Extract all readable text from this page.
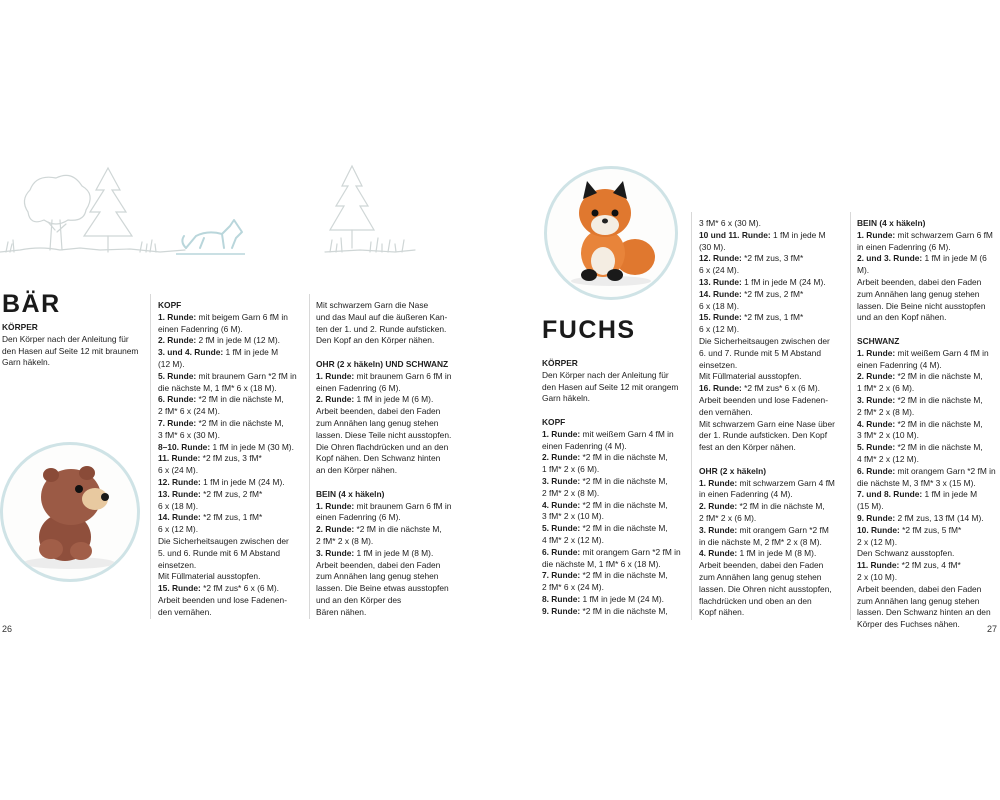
BÄR
KÖRPER
Den Körper nach der Anleitung für
den Hasen auf Seite 12 mit braunem
Garn häkeln.
KOPF
1. Runde: mit beigem Garn 6 fM in
einen Fadenring (6 M).
2. Runde: 2 fM in jede M (12 M).
3. und 4. Runde: 1 fM in jede M
(12 M).
5. Runde: mit braunem Garn *2 fM in
die nächste M, 1 fM* 6 x (18 M).
6. Runde: *2 fM in die nächste M,
2 fM* 6 x (24 M).
7. Runde: *2 fM in die nächste M,
3 fM* 6 x (30 M).
8–10. Runde: 1 fM in jede M (30 M).
11. Runde: *2 fM zus, 3 fM*
6 x (24 M).
12. Runde: 1 fM in jede M (24 M).
13. Runde: *2 fM zus, 2 fM*
6 x (18 M).
14. Runde: *2 fM zus, 1 fM*
6 x (12 M).
Die Sicherheitsaugen zwischen der
5. und 6. Runde mit 6 M Abstand
einsetzen.
Mit Füllmaterial ausstopfen.
15. Runde: *2 fM zus* 6 x (6 M).
Arbeit beenden und lose Fadenen-
den vernähen.
Mit schwarzem Garn die Nase
und das Maul auf die äußeren Kan-
ten der 1. und 2. Runde aufsticken.
Den Kopf an den Körper nähen.
OHR (2 x häkeln) UND SCHWANZ
1. Runde: mit braunem Garn 6 fM in
einen Fadenring (6 M).
2. Runde: 1 fM in jede M (6 M).
Arbeit beenden, dabei den Faden
zum Annähen lang genug stehen
lassen. Diese Teile nicht ausstopfen.
Die Ohren flachdrücken und an den
Kopf nähen. Den Schwanz hinten
an den Körper nähen.
BEIN (4 x häkeln)
1. Runde: mit braunem Garn 6 fM in
einen Fadenring (6 M).
2. Runde: *2 fM in die nächste M,
2 fM* 2 x (8 M).
3. Runde: 1 fM in jede M (8 M).
Arbeit beenden, dabei den Faden
zum Annähen lang genug stehen
lassen. Die Beine etwas ausstopfen
und an den Körper des
Bären nähen.
26
FUCHS
KÖRPER
Den Körper nach der Anleitung für
den Hasen auf Seite 12 mit orangem
Garn häkeln.
KOPF
1. Runde: mit weißem Garn 4 fM in
einen Fadenring (4 M).
2. Runde: *2 fM in die nächste M,
1 fM* 2 x (6 M).
3. Runde: *2 fM in die nächste M,
2 fM* 2 x (8 M).
4. Runde: *2 fM in die nächste M,
3 fM* 2 x (10 M).
5. Runde: *2 fM in die nächste M,
4 fM* 2 x (12 M).
6. Runde: mit orangem Garn *2 fM in
die nächste M, 1 fM* 6 x (18 M).
7. Runde: *2 fM in die nächste M,
2 fM* 6 x (24 M).
8. Runde: 1 fM in jede M (24 M).
9. Runde: *2 fM in die nächste M,
3 fM* 6 x (30 M).
10 und 11. Runde: 1 fM in jede M
(30 M).
12. Runde: *2 fM zus, 3 fM*
6 x (24 M).
13. Runde: 1 fM in jede M (24 M).
14. Runde: *2 fM zus, 2 fM*
6 x (18 M).
15. Runde: *2 fM zus, 1 fM*
6 x (12 M).
Die Sicherheitsaugen zwischen der
6. und 7. Runde mit 5 M Abstand
einsetzen.
Mit Füllmaterial ausstopfen.
16. Runde: *2 fM zus* 6 x (6 M).
Arbeit beenden und lose Fadenen-
den vernähen.
Mit schwarzem Garn eine Nase über
der 1. Runde aufsticken. Den Kopf
fest an den Körper nähen.
OHR (2 x häkeln)
1. Runde: mit schwarzem Garn 4 fM
in einen Fadenring (4 M).
2. Runde: *2 fM in die nächste M,
2 fM* 2 x (6 M).
3. Runde: mit orangem Garn *2 fM
in die nächste M, 2 fM* 2 x (8 M).
4. Runde: 1 fM in jede M (8 M).
Arbeit beenden, dabei den Faden
zum Annähen lang genug stehen
lassen. Die Ohren nicht ausstopfen,
flachdrücken und oben an den
Kopf nähen.
BEIN (4 x häkeln)
1. Runde: mit schwarzem Garn 6 fM
in einen Fadenring (6 M).
2. und 3. Runde: 1 fM in jede M (6 M).
Arbeit beenden, dabei den Faden
zum Annähen lang genug stehen
lassen. Die Beine nicht ausstopfen
und an den Kopf nähen.
SCHWANZ
1. Runde: mit weißem Garn 4 fM in
einen Fadenring (4 M).
2. Runde: *2 fM in die nächste M,
1 fM* 2 x (6 M).
3. Runde: *2 fM in die nächste M,
2 fM* 2 x (8 M).
4. Runde: *2 fM in die nächste M,
3 fM* 2 x (10 M).
5. Runde: *2 fM in die nächste M,
4 fM* 2 x (12 M).
6. Runde: mit orangem Garn *2 fM in
die nächste M, 3 fM* 3 x (15 M).
7. und 8. Runde: 1 fM in jede M
(15 M).
9. Runde: 2 fM zus, 13 fM (14 M).
10. Runde: *2 fM zus, 5 fM*
2 x (12 M).
Den Schwanz ausstopfen.
11. Runde: *2 fM zus, 4 fM*
2 x (10 M).
Arbeit beenden, dabei den Faden
zum Annähen lang genug stehen
lassen. Den Schwanz hinten an den
Körper des Fuchses nähen.	27
